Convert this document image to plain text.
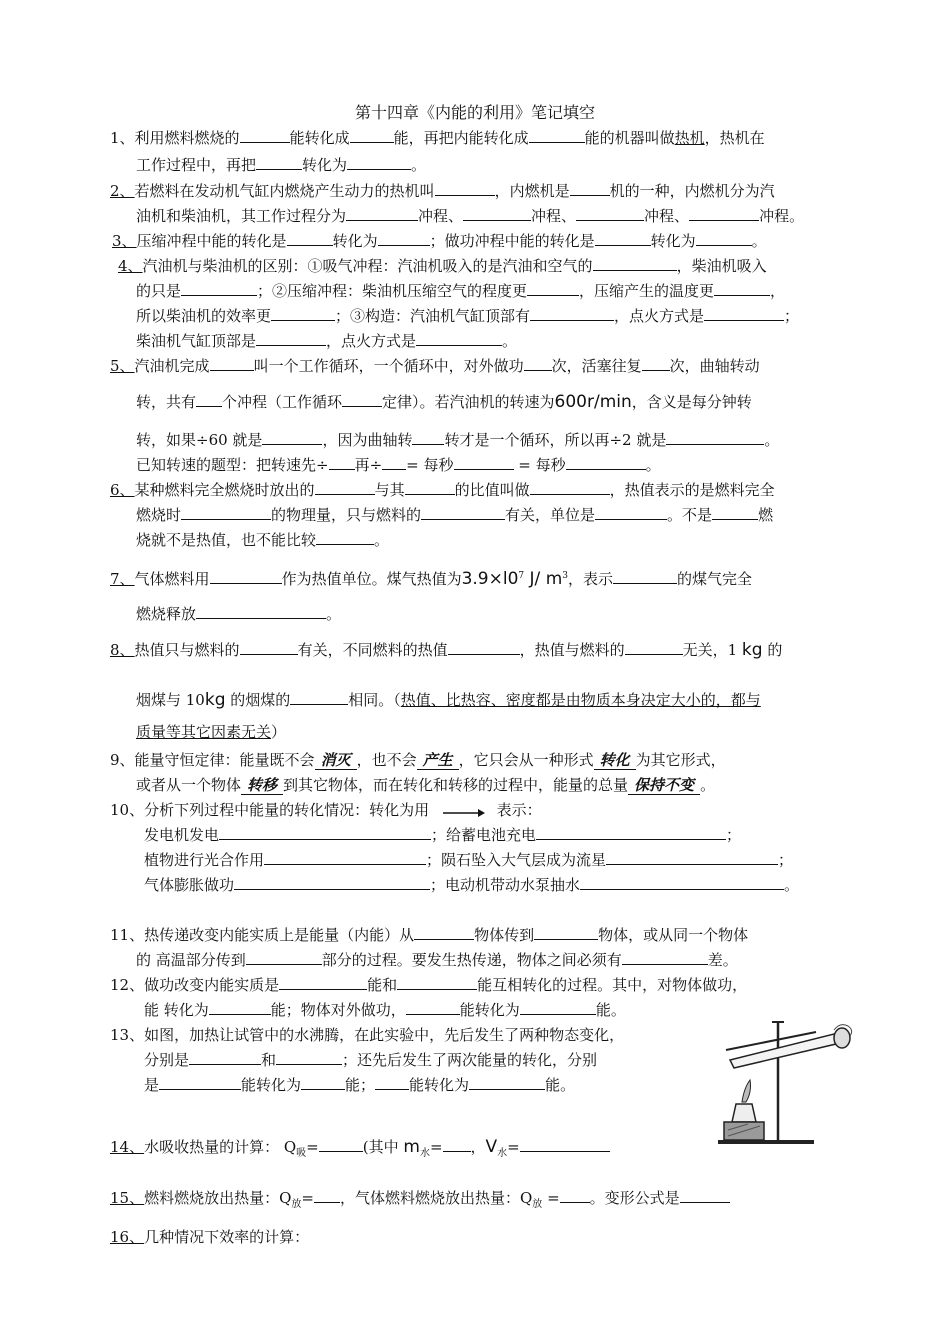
第十四章《内能的利用》笔记填空
1、利用燃料燃烧的	能转化成	能，再把内能转化成	能的机器叫做热机，热机在
工作过程中，再把	转化为	。
2、若燃料在发动机气缸内燃烧产生动力的热机叫	，内燃机是	机的一种，内燃机分为汽
油机和柴油机，其工作过程分为	冲程、	冲程、	冲程、	冲程。
3、压缩冲程中能的转化是	转化为	；做功冲程中能的转化是	转化为	。
4、汽油机与柴油机的区别：①吸气冲程：汽油机吸入的是汽油和空气的	，柴油机吸入
的只是	；②压缩冲程：柴油机压缩空气的程度更	，压缩产生的温度更	，
所以柴油机的效率更	；③构造：汽油机气缸顶部有	，点火方式是	；
柴油机气缸顶部是	，点火方式是	。
5、汽油机完成	叫一个工作循环，一个循环中，对外做功 次，活塞往复 次，曲轴转动
转，共有 个冲程（工作循环	定律）。若汽油机的转速为600r/min，含义是每分钟转
转，如果÷60 就是	，因为曲轴转 转才是一个循环，所以再÷2 就是	。
已知转速的题型：把转速先÷ 再÷ = 每秒	= 每秒	。
6、某种燃料完全燃烧时放出的	与其	的比值叫做	，热值表示的是燃料完全
燃烧时	的物理量，只与燃料的	有关，单位是	。不是	燃
烧就不是热值，也不能比较	。
7、气体燃料用	作为热值单位。煤气热值为$3.9\times l0^7$ J/ $m^3$，表示	的煤气完全
燃烧释放	。
8、热值只与燃料的	有关，不同燃料的热值	，热值与燃料的	无关，1 kg 的
烟煤与 10kg 的烟煤的	相同。（热值、比热容、密度都是由物质本身决定大小的，都与
质量等其它因素无关）
9、能量守恒定律：能量既不会 消灭 ，也不会 产生 ，它只会从一种形式 转化 为其它形式，
或者从一个物体 转移 到其它物体，而在转化和转移的过程中，能量的总量 保持不变 。
10、分析下列过程中能量的转化情况：转化为用	表示：
发电机发电	；给蓄电池充电	；
植物进行光合作用	；陨石坠入大气层成为流星	；
气体膨胀做功	；电动机带动水泵抽水	。
11、热传递改变内能实质上是能量（内能）从	物体传到	物体，或从同一个物体
的 高温部分传到	部分的过程。要发生热传递，物体之间必须有	差。
12、做功改变内能实质是	能和	能互相转化的过程。其中，对物体做功，
能 转化为	能；物体对外做功，	能转化为	能。
13、如图，加热让试管中的水沸腾，在此实验中，先后发生了两种物态变化，
分别是	和	；还先后发生了两次能量的转化，分别
是	能转化为	能； 能转化为	能。
14、水吸收热量的计算： $Q_吸=$	(其中 $m_水=$ ，$V_水=$
15、燃料燃烧放出热量：$Q_放=$ ，气体燃料燃烧放出热量：$Q_放$ = 。变形公式是
16、几种情况下效率的计算：
